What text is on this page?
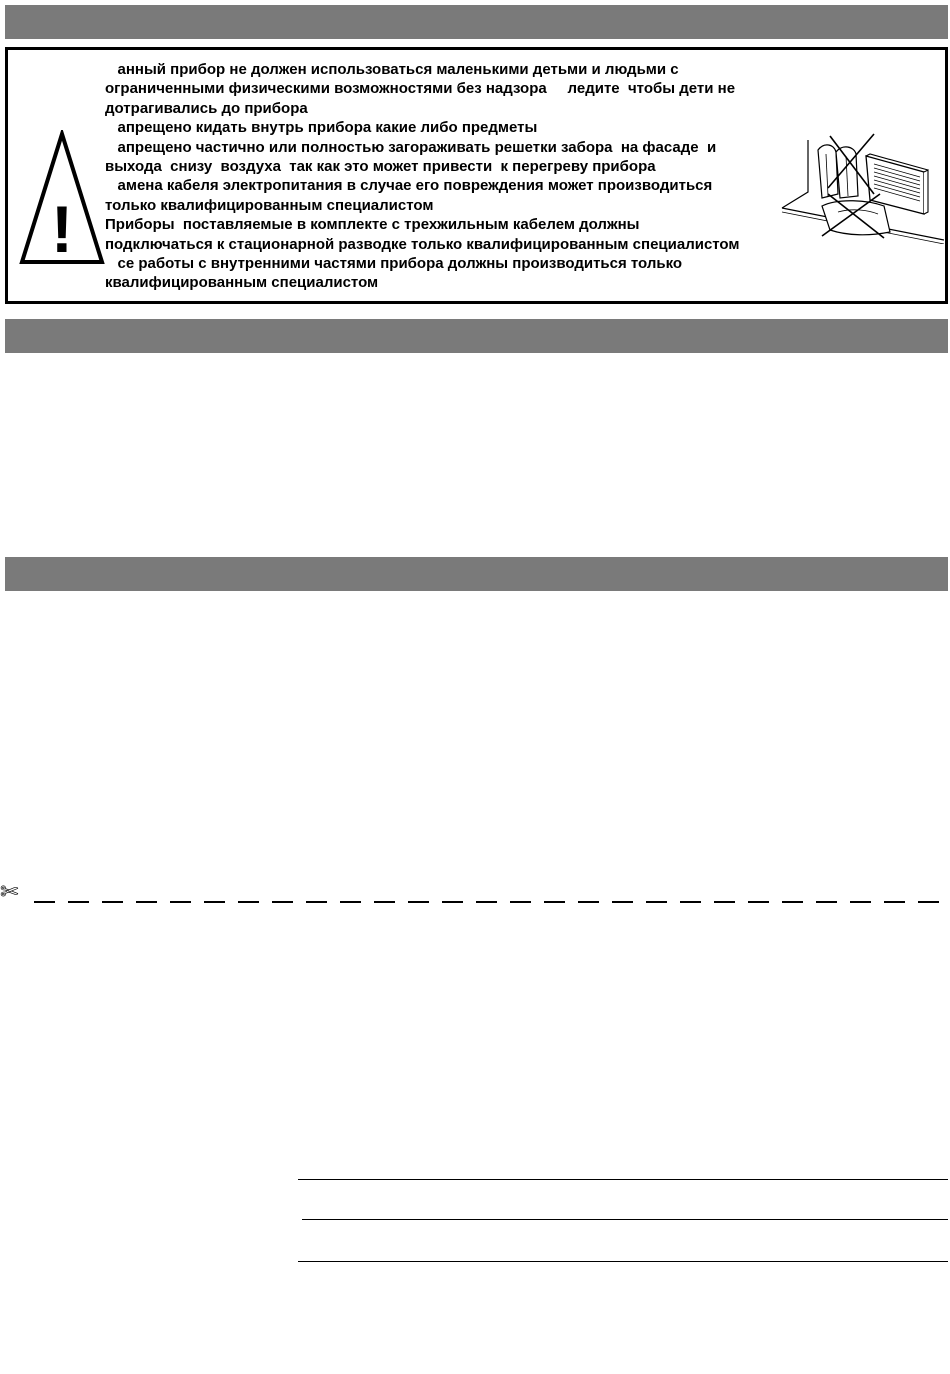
!
анный прибор не должен использоваться маленькими детьми и людьми с
ограниченными физическими возможностями без надзора     ледите  чтобы дети не
дотрагивались до прибора
апрещено кидать внутрь прибора какие либо предметы
апрещено частично или полностью загораживать решетки забора  на фасаде  и
выхода  снизу  воздуха  так как это может привести  к перегреву прибора
амена кабеля электропитания в случае его повреждения может производиться
только квалифицированным специалистом
Приборы  поставляемые в комплекте с трехжильным кабелем должны
подключаться к стационарной разводке только квалифицированным специалистом
се работы с внутренними частями прибора должны производиться только
квалифицированным специалистом
✄
